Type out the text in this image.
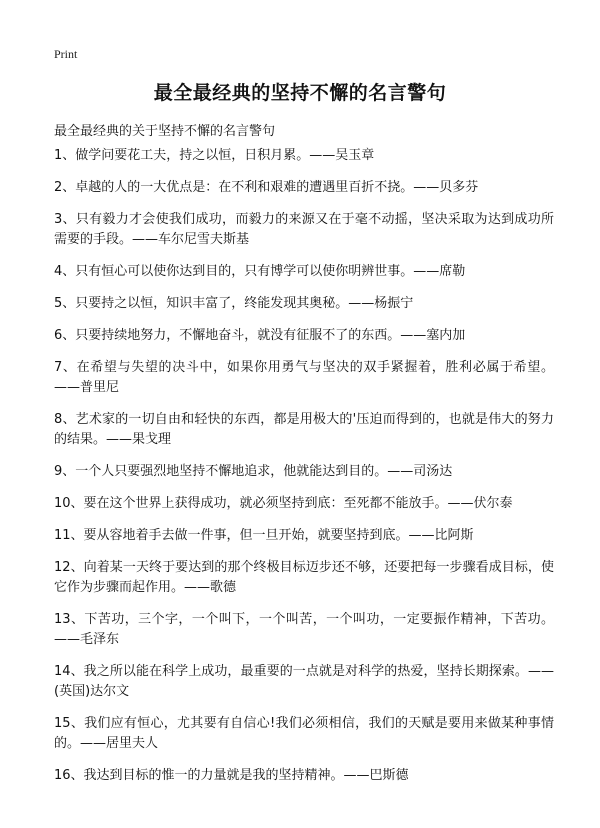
Print
最全最经典的坚持不懈的名言警句
最全最经典的关于坚持不懈的名言警句
1、做学问要花工夫，持之以恒，日积月累。——吴玉章
2、卓越的人的一大优点是：在不利和艰难的遭遇里百折不挠。——贝多芬
3、只有毅力才会使我们成功，而毅力的来源又在于毫不动摇，坚决采取为达到成功所需要的手段。——车尔尼雪夫斯基
4、只有恒心可以使你达到目的，只有博学可以使你明辨世事。——席勒
5、只要持之以恒，知识丰富了，终能发现其奥秘。——杨振宁
6、只要持续地努力，不懈地奋斗，就没有征服不了的东西。——塞内加
7、在希望与失望的决斗中，如果你用勇气与坚决的双手紧握着，胜利必属于希望。——普里尼
8、艺术家的一切自由和轻快的东西，都是用极大的'压迫而得到的，也就是伟大的努力的结果。——果戈理
9、一个人只要强烈地坚持不懈地追求，他就能达到目的。——司汤达
10、要在这个世界上获得成功，就必须坚持到底：至死都不能放手。——伏尔泰
11、要从容地着手去做一件事，但一旦开始，就要坚持到底。——比阿斯
12、向着某一天终于要达到的那个终极目标迈步还不够，还要把每一步骤看成目标，使它作为步骤而起作用。——歌德
13、下苦功，三个字，一个叫下，一个叫苦，一个叫功，一定要振作精神，下苦功。——毛泽东
14、我之所以能在科学上成功，最重要的一点就是对科学的热爱，坚持长期探索。——(英国)达尔文
15、我们应有恒心，尤其要有自信心!我们必须相信，我们的天赋是要用来做某种事情的。——居里夫人
16、我达到目标的惟一的力量就是我的坚持精神。——巴斯德
